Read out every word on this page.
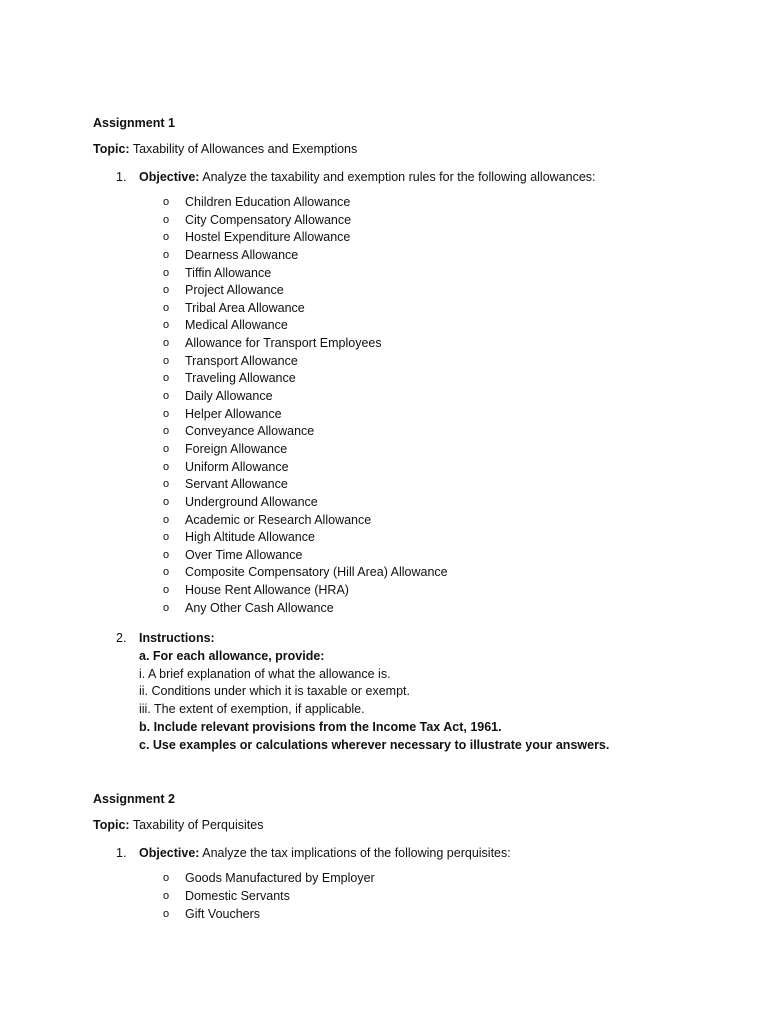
Assignment 1
Topic: Taxability of Allowances and Exemptions
1. Objective: Analyze the taxability and exemption rules for the following allowances:
o Children Education Allowance
o City Compensatory Allowance
o Hostel Expenditure Allowance
o Dearness Allowance
o Tiffin Allowance
o Project Allowance
o Tribal Area Allowance
o Medical Allowance
o Allowance for Transport Employees
o Transport Allowance
o Traveling Allowance
o Daily Allowance
o Helper Allowance
o Conveyance Allowance
o Foreign Allowance
o Uniform Allowance
o Servant Allowance
o Underground Allowance
o Academic or Research Allowance
o High Altitude Allowance
o Over Time Allowance
o Composite Compensatory (Hill Area) Allowance
o House Rent Allowance (HRA)
o Any Other Cash Allowance
2. Instructions:
a. For each allowance, provide:
i. A brief explanation of what the allowance is.
ii. Conditions under which it is taxable or exempt.
iii. The extent of exemption, if applicable.
b. Include relevant provisions from the Income Tax Act, 1961.
c. Use examples or calculations wherever necessary to illustrate your answers.
Assignment 2
Topic: Taxability of Perquisites
1. Objective: Analyze the tax implications of the following perquisites:
o Goods Manufactured by Employer
o Domestic Servants
o Gift Vouchers
